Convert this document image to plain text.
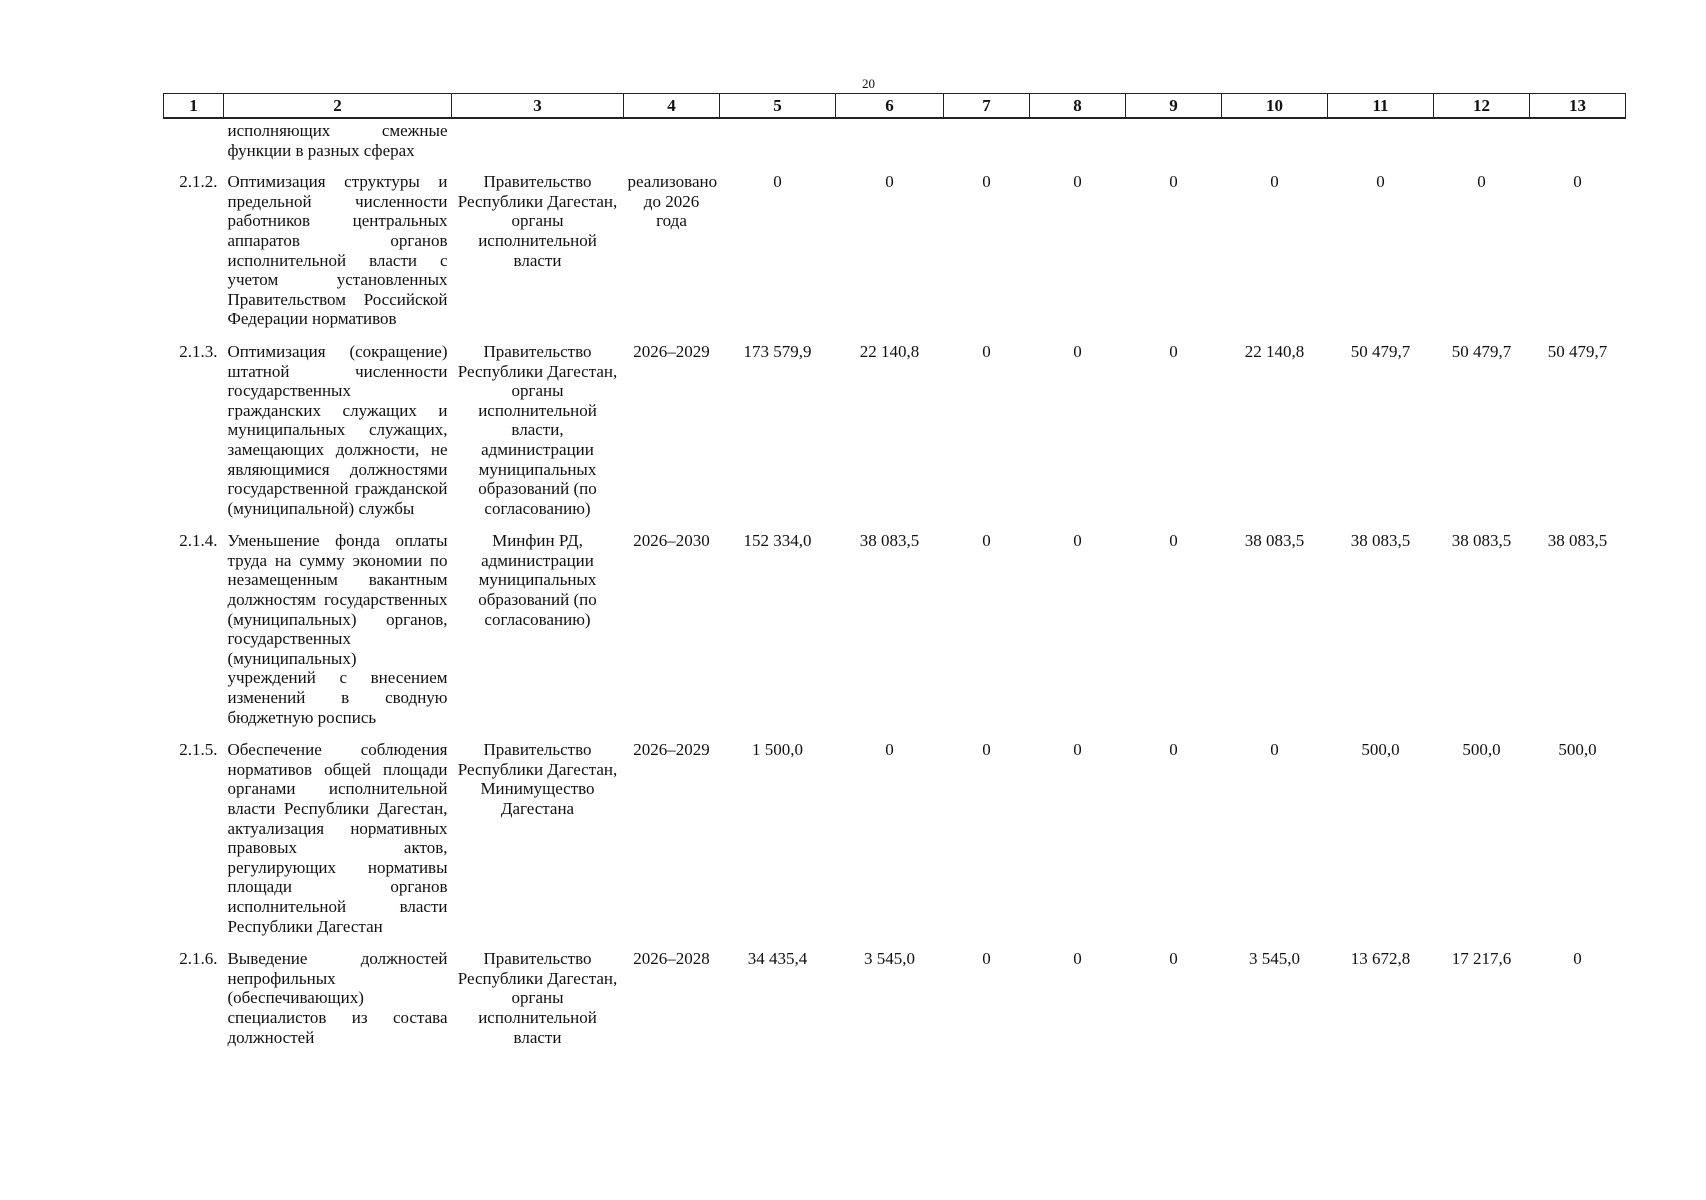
20
1	2	3	4	5	6	7	8	9	10	11	12	13
	исполняющих смежные функции в разных сферах											
2.1.2.	Оптимизация структуры и предельной численности работников центральных аппаратов органов исполнительной власти с учетом установленных Правительством Российской Федерации нормативов	Правительство Республики Дагестан, органы исполнительной власти	реализовано до 2026 года	0	0	0	0	0	0	0	0	0
2.1.3.	Оптимизация (сокращение) штатной численности государственных гражданских служащих и муниципальных служащих, замещающих должности, не являющимися должностями государственной гражданской (муниципальной) службы	Правительство Республики Дагестан, органы исполнительной власти, администрации муниципальных образований (по согласованию)	2026–2029	173 579,9	22 140,8	0	0	0	22 140,8	50 479,7	50 479,7	50 479,7
2.1.4.	Уменьшение фонда оплаты труда на сумму экономии по незамещенным вакантным должностям государственных (муниципальных) органов, государственных (муниципальных) учреждений с внесением изменений в сводную бюджетную роспись	Минфин РД, администрации муниципальных образований (по согласованию)	2026–2030	152 334,0	38 083,5	0	0	0	38 083,5	38 083,5	38 083,5	38 083,5
2.1.5.	Обеспечение соблюдения нормативов общей площади органами исполнительной власти Республики Дагестан, актуализация нормативных правовых актов, регулирующих нормативы площади органов исполнительной власти Республики Дагестан	Правительство Республики Дагестан, Минимущество Дагестана	2026–2029	1 500,0	0	0	0	0	0	500,0	500,0	500,0
2.1.6.	Выведение должностей непрофильных (обеспечивающих) специалистов из состава должностей	Правительство Республики Дагестан, органы исполнительной власти	2026–2028	34 435,4	3 545,0	0	0	0	3 545,0	13 672,8	17 217,6	0
